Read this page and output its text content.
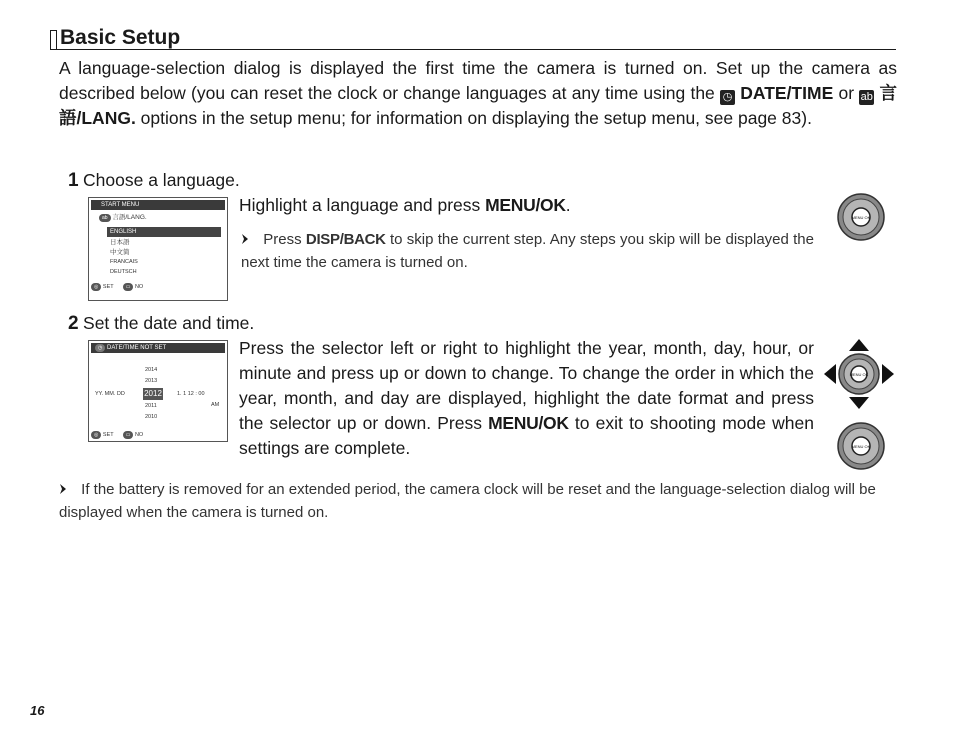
Basic Setup
A language-selection dialog is displayed the first time the camera is turned on. Set up the camera as described below (you can reset the clock or change languages at any time using the ◷ DATE/TIME or ab 言語/LANG. options in the setup menu; for information on displaying the setup menu, see page 83).
1 Choose a language.
START MENU
ab 言語/LANG.
ENGLISH
日本語
中文简
FRANCAIS
DEUTSCH
◎ SET ▭ NO
Highlight a language and press MENU/OK.
Press DISP/BACK to skip the current step. Any steps you skip will be displayed the next time the camera is turned on.
MENU OK
2 Set the date and time.
◷ DATE/TIME NOT SET
2014
2013
2012
2011
2010
YY. MM. DD	1. 1 12 : 00
AM
◎ SET ▭ NO
Press the selector left or right to highlight the year, month, day, hour, or minute and press up or down to change. To change the order in which the year, month, and day are displayed, highlight the date format and press the selector up or down. Press MENU/OK to exit to shooting mode when settings are complete.
MENU OK
MENU OK
If the battery is removed for an extended period, the camera clock will be reset and the language-selection dialog will be displayed when the camera is turned on.
16
